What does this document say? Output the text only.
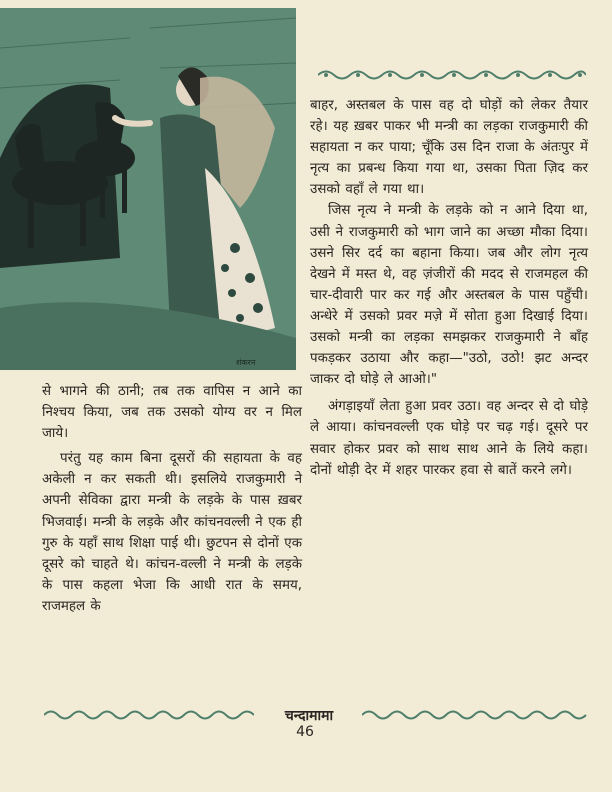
शंकरन

बाहर, अस्तबल के पास वह दो घोड़ों को लेकर तैयार रहे। यह ख़बर पाकर भी मन्त्री का लड़का राजकुमारी की सहायता न कर पाया; चूँकि उस दिन राजा के अंतःपुर में नृत्य का प्रबन्ध किया गया था, उसका पिता ज़िद कर उसको वहाँ ले गया था।

जिस नृत्य ने मन्त्री के लड़के को न आने दिया था, उसी ने राजकुमारी को भाग जाने का अच्छा मौका दिया। उसने सिर दर्द का बहाना किया। जब और लोग नृत्य देखने में मस्त थे, वह ज़ंजीरों की मदद से राजमहल की चार-दीवारी पार कर गई और अस्तबल के पास पहुँची। अन्धेरे में उसको प्रवर मज़े में सोता हुआ दिखाई दिया। उसको मन्त्री का लड़का समझकर राजकुमारी ने बाँह पकड़कर उठाया और कहा—"उठो, उठो! झट अन्दर जाकर दो घोड़े ले आओ।"

अंगड़ाइयाँ लेता हुआ प्रवर उठा। वह अन्दर से दो घोड़े ले आया। कांचनवल्ली एक घोड़े पर चढ़ गई। दूसरे पर सवार होकर प्रवर को साथ साथ आने के लिये कहा। दोनों थोड़ी देर में शहर पारकर हवा से बातें करने लगे।

से भागने की ठानी; तब तक वापिस न आने का निश्चय किया, जब तक उसको योग्य वर न मिल जाये।

परंतु यह काम बिना दूसरों की सहायता के वह अकेली न कर सकती थी। इसलिये राजकुमारी ने अपनी सेविका द्वारा मन्त्री के लड़के के पास ख़बर भिजवाई। मन्त्री के लड़के और कांचनवल्ली ने एक ही गुरु के यहाँ साथ शिक्षा पाई थी। छुटपन से दोनों एक दूसरे को चाहते थे। कांचन-वल्ली ने मन्त्री के लड़के के पास कहला भेजा कि आधी रात के समय, राजमहल के

चन्दामामा
46
